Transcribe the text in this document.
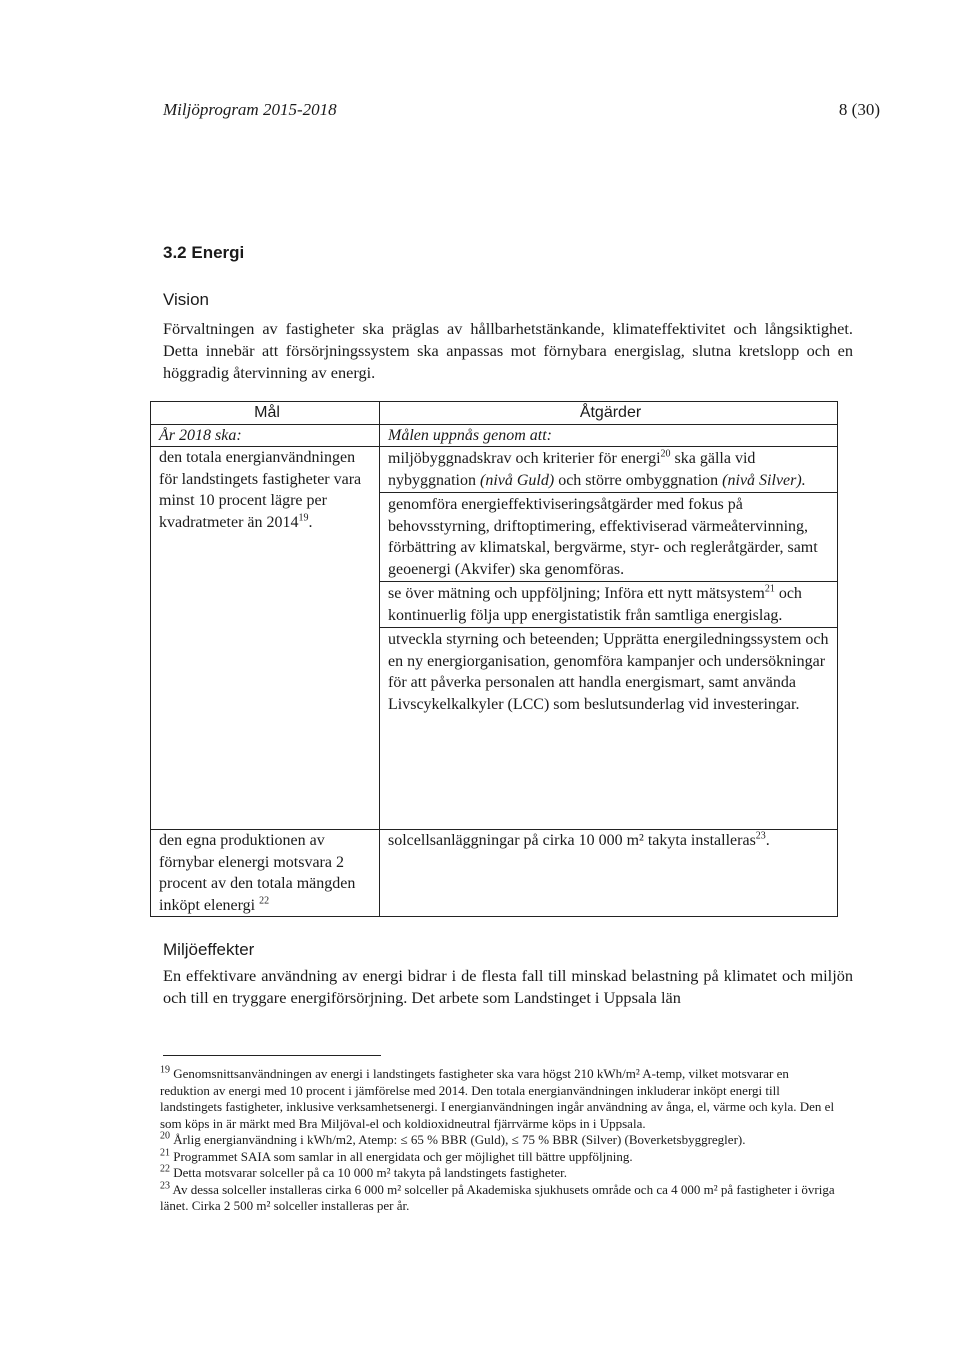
Miljöprogram 2015-2018	8 (30)
3.2 Energi
Vision
Förvaltningen av fastigheter ska präglas av hållbarhetstänkande, klimateffektivitet och långsiktighet. Detta innebär att försörjningssystem ska anpassas mot förnybara energislag, slutna kretslopp och en höggradig återvinning av energi.
Mål	Åtgärder
År 2018 ska:	Målen uppnås genom att:
den totala energianvändningen för landstingets fastigheter vara minst 10 procent lägre per kvadratmeter än 2014$^{19}$.	miljöbyggnadskrav och kriterier för energi$^{20}$ ska gälla vid nybyggnation (nivå Guld) och större ombyggnation (nivå Silver).
genomföra energieffektiviseringsåtgärder med fokus på behovsstyrning, driftoptimering, effektiviserad värmeåtervinning, förbättring av klimatskal, bergvärme, styr- och regleråtgärder, samt geoenergi (Akvifer) ska genomföras.
se över mätning och uppföljning; Införa ett nytt mätsystem$^{21}$ och kontinuerlig följa upp energistatistik från samtliga energislag.
utveckla styrning och beteenden; Upprätta energiledningssystem och en ny energiorganisation, genomföra kampanjer och undersökningar för att påverka personalen att handla energismart, samt använda Livscykelkalkyler (LCC) som beslutsunderlag vid investeringar.

den egna produktionen av förnybar elenergi motsvara 2 procent av den totala mängden inköpt elenergi $^{22}$	solcellsanläggningar på cirka 10 000 m² takyta installeras$^{23}$.
Miljöeffekter
En effektivare användning av energi bidrar i de flesta fall till minskad belastning på klimatet och miljön och till en tryggare energiförsörjning. Det arbete som Landstinget i Uppsala län

$^{19}$ Genomsnittsanvändningen av energi i landstingets fastigheter ska vara högst 210 kWh/m² A-temp, vilket motsvarar en reduktion av energi med 10 procent i jämförelse med 2014. Den totala energianvändningen inkluderar inköpt energi till landstingets fastigheter, inklusive verksamhetsenergi. I energianvändningen ingår användning av ånga, el, värme och kyla. Den el som köps in är märkt med Bra Miljöval-el och koldioxidneutral fjärrvärme köps in i Uppsala.

$^{20}$ Årlig energianvändning i kWh/m2, Atemp: ≤ 65 % BBR (Guld), ≤ 75 % BBR (Silver) (Boverketsbyggregler).

$^{21}$ Programmet SAIA som samlar in all energidata och ger möjlighet till bättre uppföljning.

$^{22}$ Detta motsvarar solceller på ca 10 000 m² takyta på landstingets fastigheter.

$^{23}$ Av dessa solceller installeras cirka 6 000 m² solceller på Akademiska sjukhusets område och ca 4 000 m² på fastigheter i övriga länet. Cirka 2 500 m² solceller installeras per år.
